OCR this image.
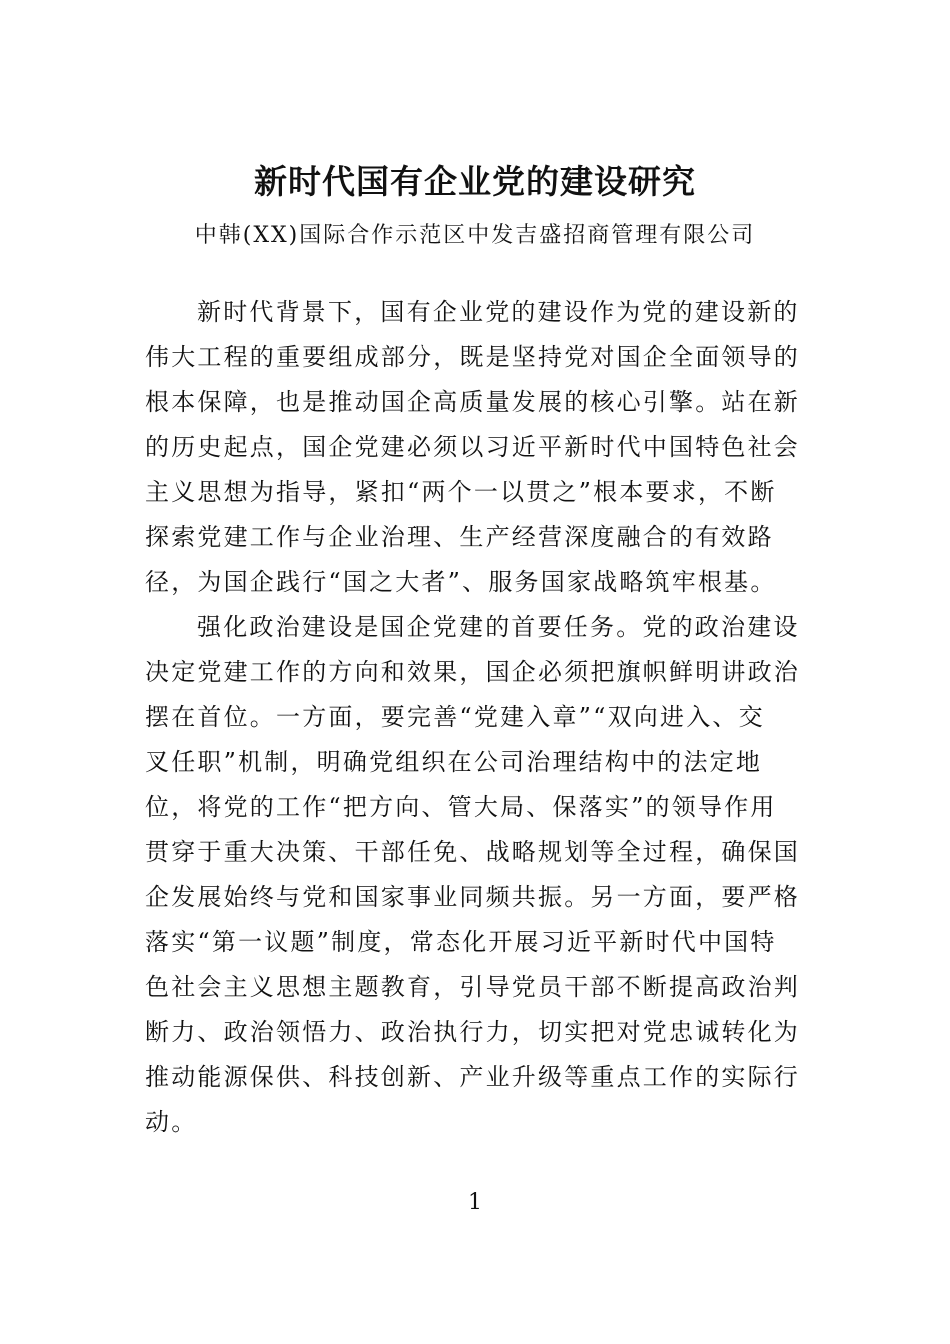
新时代国有企业党的建设研究
中韩(XX)国际合作示范区中发吉盛招商管理有限公司

新时代背景下，国有企业党的建设作为党的建设新的
伟大工程的重要组成部分，既是坚持党对国企全面领导的
根本保障，也是推动国企高质量发展的核心引擎。站在新
的历史起点，国企党建必须以习近平新时代中国特色社会
主义思想为指导，紧扣“两个一以贯之”根本要求，不断
探索党建工作与企业治理、生产经营深度融合的有效路
径，为国企践行“国之大者”、服务国家战略筑牢根基。

强化政治建设是国企党建的首要任务。党的政治建设
决定党建工作的方向和效果，国企必须把旗帜鲜明讲政治
摆在首位。一方面，要完善“党建入章”“双向进入、交
叉任职”机制，明确党组织在公司治理结构中的法定地
位，将党的工作“把方向、管大局、保落实”的领导作用
贯穿于重大决策、干部任免、战略规划等全过程，确保国
企发展始终与党和国家事业同频共振。另一方面，要严格
落实“第一议题”制度，常态化开展习近平新时代中国特
色社会主义思想主题教育，引导党员干部不断提高政治判
断力、政治领悟力、政治执行力，切实把对党忠诚转化为
推动能源保供、科技创新、产业升级等重点工作的实际行
动。

1
